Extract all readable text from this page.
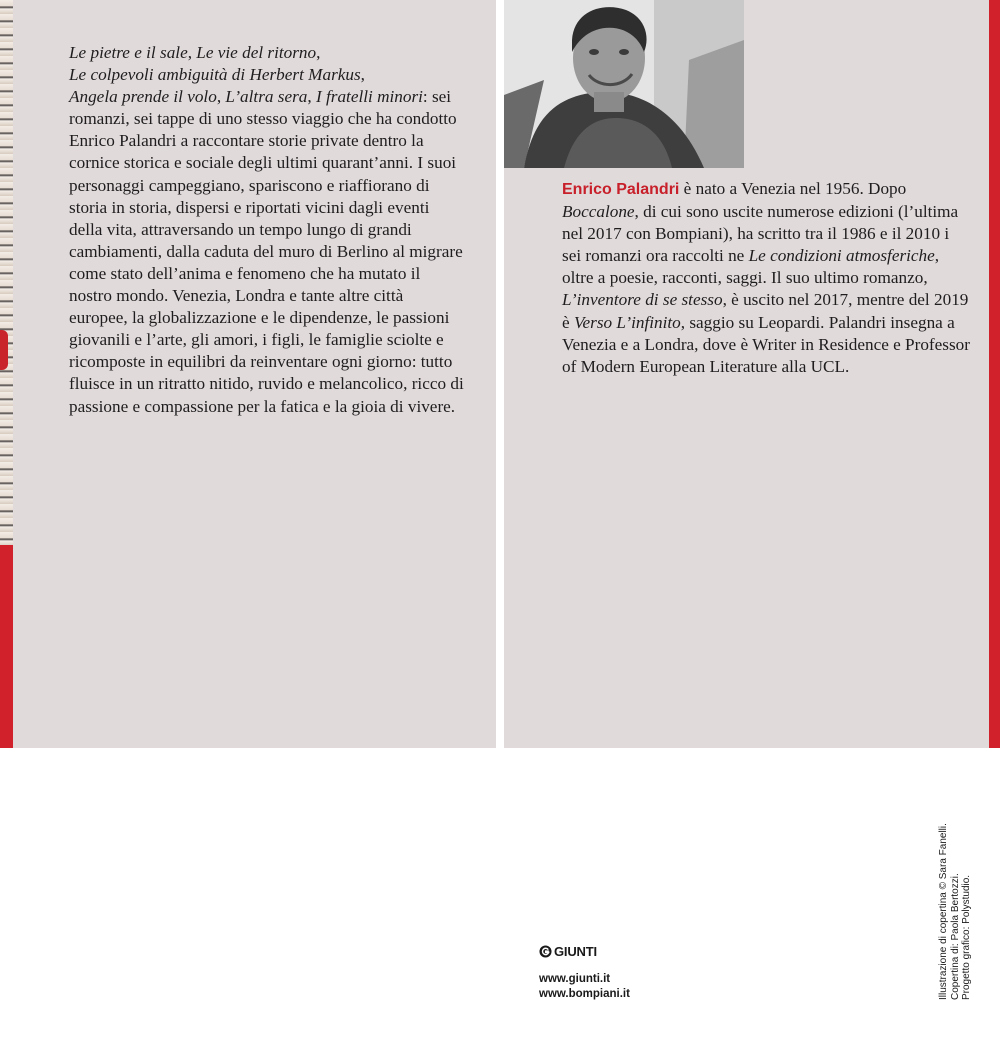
Le pietre e il sale, Le vie del ritorno,
Le colpevoli ambiguità di Herbert Markus,
Angela prende il volo, L’altra sera, I fratelli minori: sei romanzi, sei tappe di uno stesso viaggio che ha condotto Enrico Palandri a raccontare storie private dentro la cornice storica e sociale degli ultimi quarant’anni. I suoi personaggi campeggiano, spariscono e riaffiorano di storia in storia, dispersi e riportati vicini dagli eventi della vita, attraversando un tempo lungo di grandi cambiamenti, dalla caduta del muro di Berlino al migrare come stato dell’anima e fenomeno che ha mutato il nostro mondo. Venezia, Londra e tante altre città europee, la globalizzazione e le dipendenze, le passioni giovanili e l’arte, gli amori, i figli, le famiglie sciolte e ricomposte in equilibri da reinventare ogni giorno: tutto fluisce in un ritratto nitido, ruvido e melancolico, ricco di passione e compassione per la fatica e la gioia di vivere.

Enrico Palandri è nato a Venezia nel 1956. Dopo Boccalone, di cui sono uscite numerose edizioni (l’ultima nel 2017 con Bompiani), ha scritto tra il 1986 e il 2010 i sei romanzi ora raccolti ne Le condizioni atmosferiche, oltre a poesie, racconti, saggi. Il suo ultimo romanzo, L’inventore di se stesso, è uscito nel 2017, mentre del 2019 è Verso L’infinito, saggio su Leopardi. Palandri insegna a Venezia e a Londra, dove è Writer in Residence e Professor of Modern European Literature alla UCL.

GIUNTI
www.giunti.it
www.bompiani.it	Illustrazione di copertina © Sara Fanelli. Copertina di: Paola Bertozzi. Progetto grafico: Polystudio.
